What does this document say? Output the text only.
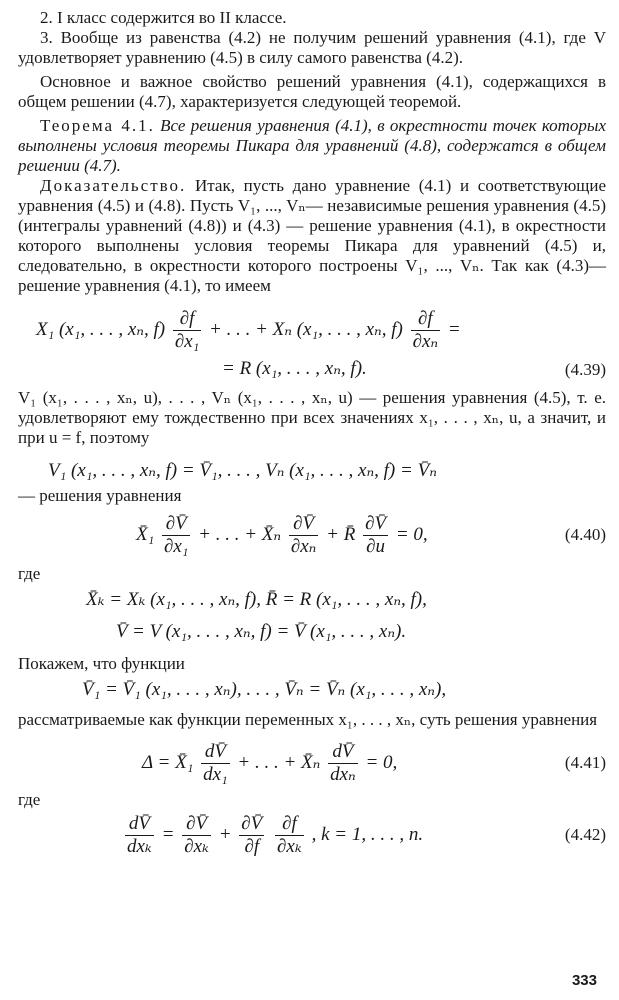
2. I класс содержится во II классе.

3. Вообще из равенства (4.2) не получим решений уравнения (4.1), где V удовлетворяет уравнению (4.5) в силу самого равенства (4.2).

Основное и важное свойство решений уравнения (4.1), содержащихся в общем решении (4.7), характеризуется следующей теоремой.

Теорема 4.1. Все решения уравнения (4.1), в окрестности точек которых выполнены условия теоремы Пикара для уравнений (4.8), содержатся в общем решении (4.7).

Доказательство. Итак, пусть дано уравнение (4.1) и соответствующие уравнения (4.5) и (4.8). Пусть V₁, ..., Vₙ— независимые решения уравнения (4.5) (интегралы уравнений (4.8)) и (4.3) — решение уравнения (4.1), в окрестности которого выполнены условия теоремы Пикара для уравнений (4.5) и, следовательно, в окрестности которого построены V₁, ..., Vₙ. Так как (4.3)—решение уравнения (4.1), то имеем

X₁ (x₁, . . . , xₙ, $f) \frac{\partial f}{\text{∂x₁}}$ + . . . + Xₙ (x₁, . . . , xₙ, $f) \frac{\partial f}{\text{∂xₙ}}$ =
= R (x₁, . . . , xₙ, f).	(4.39)

V₁ (x₁, . . . , xₙ, u), . . . , Vₙ (x₁, . . . , xₙ, u) — решения уравнения (4.5), т. е. удовлетворяют ему тождественно при всех значениях x₁, . . . , xₙ, u, а значит, и при u = f, поэтому

V₁ (x₁, . . . , xₙ, f) = V̄₁, . . . , Vₙ (x₁, . . . , xₙ, f) = V̄ₙ

— решения уравнения

X̄₁ $\frac{\partial V̄}{\text{∂x₁}}$ + . . . + X̄ₙ $\frac{\partial V̄}{\text{∂xₙ}}$ + R̄ $\frac{\partial V̄}{\partial u} = 0$,	(4.40)

где

X̄ₖ = Xₖ (x₁, . . . , xₙ, f), R̄ = R (x₁, . . . , xₙ, f),
V̄ = V (x₁, . . . , xₙ, f) = V̄ (x₁, . . . , xₙ).

Покажем, что функции

V̄₁ = V̄₁ (x₁, . . . , xₙ), . . . , V̄ₙ = V̄ₙ (x₁, . . . , xₙ),

рассматриваемые как функции переменных x₁, . . . , xₙ, суть решения уравнения

Δ = X̄₁ $\frac{dV̄}{\text{dx₁}}$ + . . . + X̄ₙ $\frac{dV̄}{\text{dxₙ}} = 0$,	(4.41)

где

$\frac{dV̄}{\text{dxₖ}} = \frac{\partial V̄}{\text{∂xₖ}} + \frac{\partial V̄}{\partial f}$
$\frac{\partial f}{\text{∂xₖ}}$ , k = 1, . . . , n.	(4.42)
333
